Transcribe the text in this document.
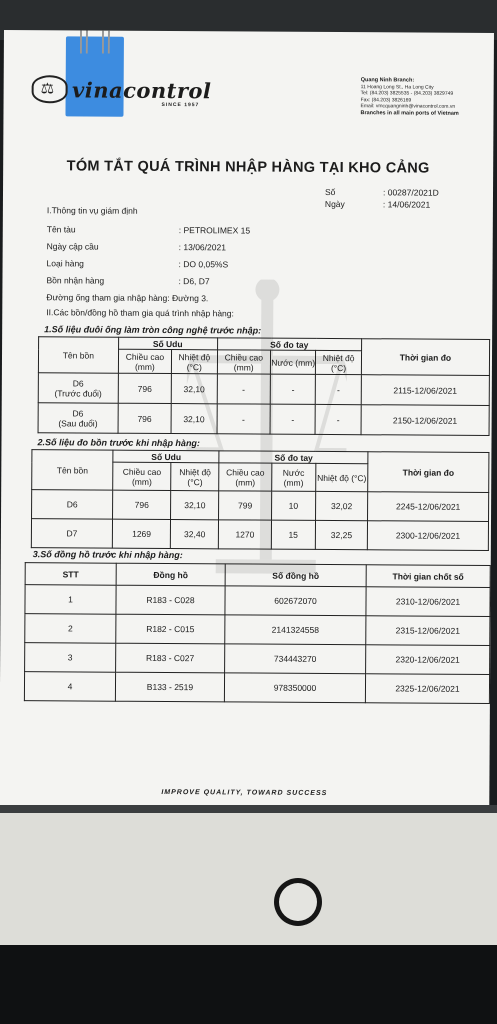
⚖ vinacontrol
SINCE 1957
Quang Ninh Branch:
11 Hoang Long St., Ha Long City
Tel: (84.203) 3825535 - (84.203) 3829749
Fax: (84.203) 3826169
Email: vmcquangninh@vinacontrol.com.vn
Branches in all main ports of Vietnam
TÓM TẮT QUÁ TRÌNH NHẬP HÀNG TẠI KHO CẢNG
Số	: 00287/2021D
Ngày	: 14/06/2021
I.Thông tin vụ giám định
Tên tàu	: PETROLIMEX 15
Ngày cập cầu	: 13/06/2021
Loại hàng	: DO 0,05%S
Bồn nhận hàng	: D6, D7
Đường ống tham gia nhập hàng: Đường 3.
II.Các bồn/đồng hồ tham gia quá trình nhập hàng:
1.Số liệu đuôi ống làm tròn công nghệ trước nhập:
Tên bồn	Số Udu		Số đo tay			Thời gian đo
	Chiều cao (mm)	Nhiệt độ (°C)	Chiều cao (mm)	Nước (mm)	Nhiệt độ (°C)	
D6
(Trước đuổi)	796	32,10	-	-	-	2115-12/06/2021
D6
(Sau đuổi)	796	32,10	-	-	-	2150-12/06/2021
2.Số liệu đo bồn trước khi nhập hàng:
Tên bồn	Số Udu		Số đo tay			Thời gian đo
	Chiều cao (mm)	Nhiệt độ (°C)	Chiều cao (mm)	Nước (mm)	Nhiệt độ (°C)	
D6	796	32,10	799	10	32,02	2245-12/06/2021
D7	1269	32,40	1270	15	32,25	2300-12/06/2021
3.Số đồng hồ trước khi nhập hàng:
STT	Đồng hồ	Số đồng hồ	Thời gian chốt số
1	R183 - C028	602672070	2310-12/06/2021
2	R182 - C015	2141324558	2315-12/06/2021
3	R183 - C027	734443270	2320-12/06/2021
4	B133 - 2519	978350000	2325-12/06/2021
IMPROVE QUALITY, TOWARD SUCCESS
